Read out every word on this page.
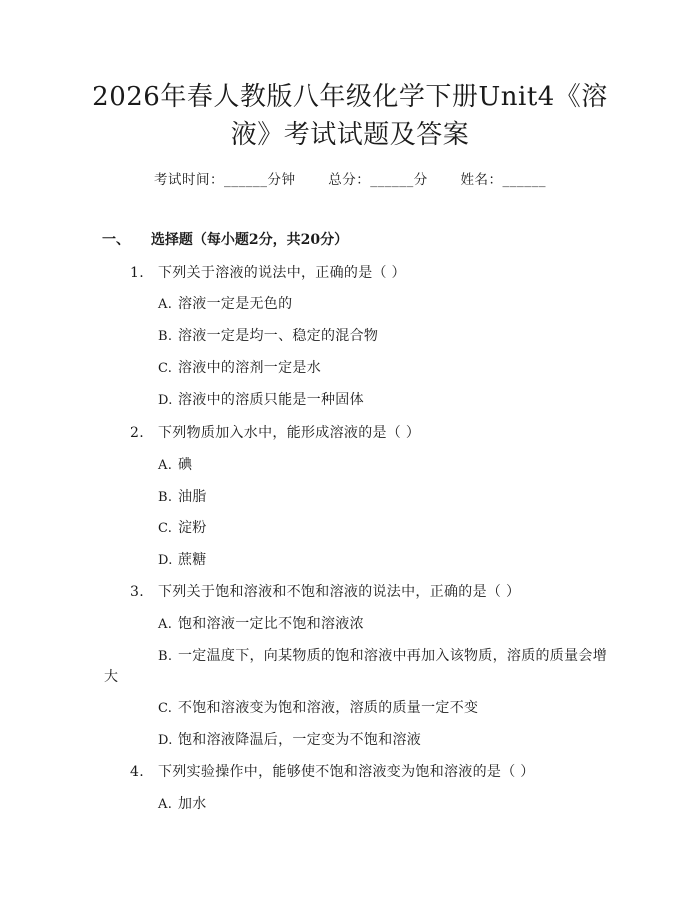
2026年春人教版八年级化学下册Unit4《溶
液》考试试题及答案
考试时间：______分钟 总分：______分 姓名：______
一、 选择题（每小题2分，共20分）
1. 下列关于溶液的说法中，正确的是（ ）
A. 溶液一定是无色的
B. 溶液一定是均一、稳定的混合物
C. 溶液中的溶剂一定是水
D. 溶液中的溶质只能是一种固体
2. 下列物质加入水中，能形成溶液的是（ ）
A. 碘
B. 油脂
C. 淀粉
D. 蔗糖
3. 下列关于饱和溶液和不饱和溶液的说法中，正确的是（ ）
A. 饱和溶液一定比不饱和溶液浓
B. 一定温度下，向某物质的饱和溶液中再加入该物质，溶质的质量会增
大
C. 不饱和溶液变为饱和溶液，溶质的质量一定不变
D. 饱和溶液降温后，一定变为不饱和溶液
4. 下列实验操作中，能够使不饱和溶液变为饱和溶液的是（ ）
A. 加水
